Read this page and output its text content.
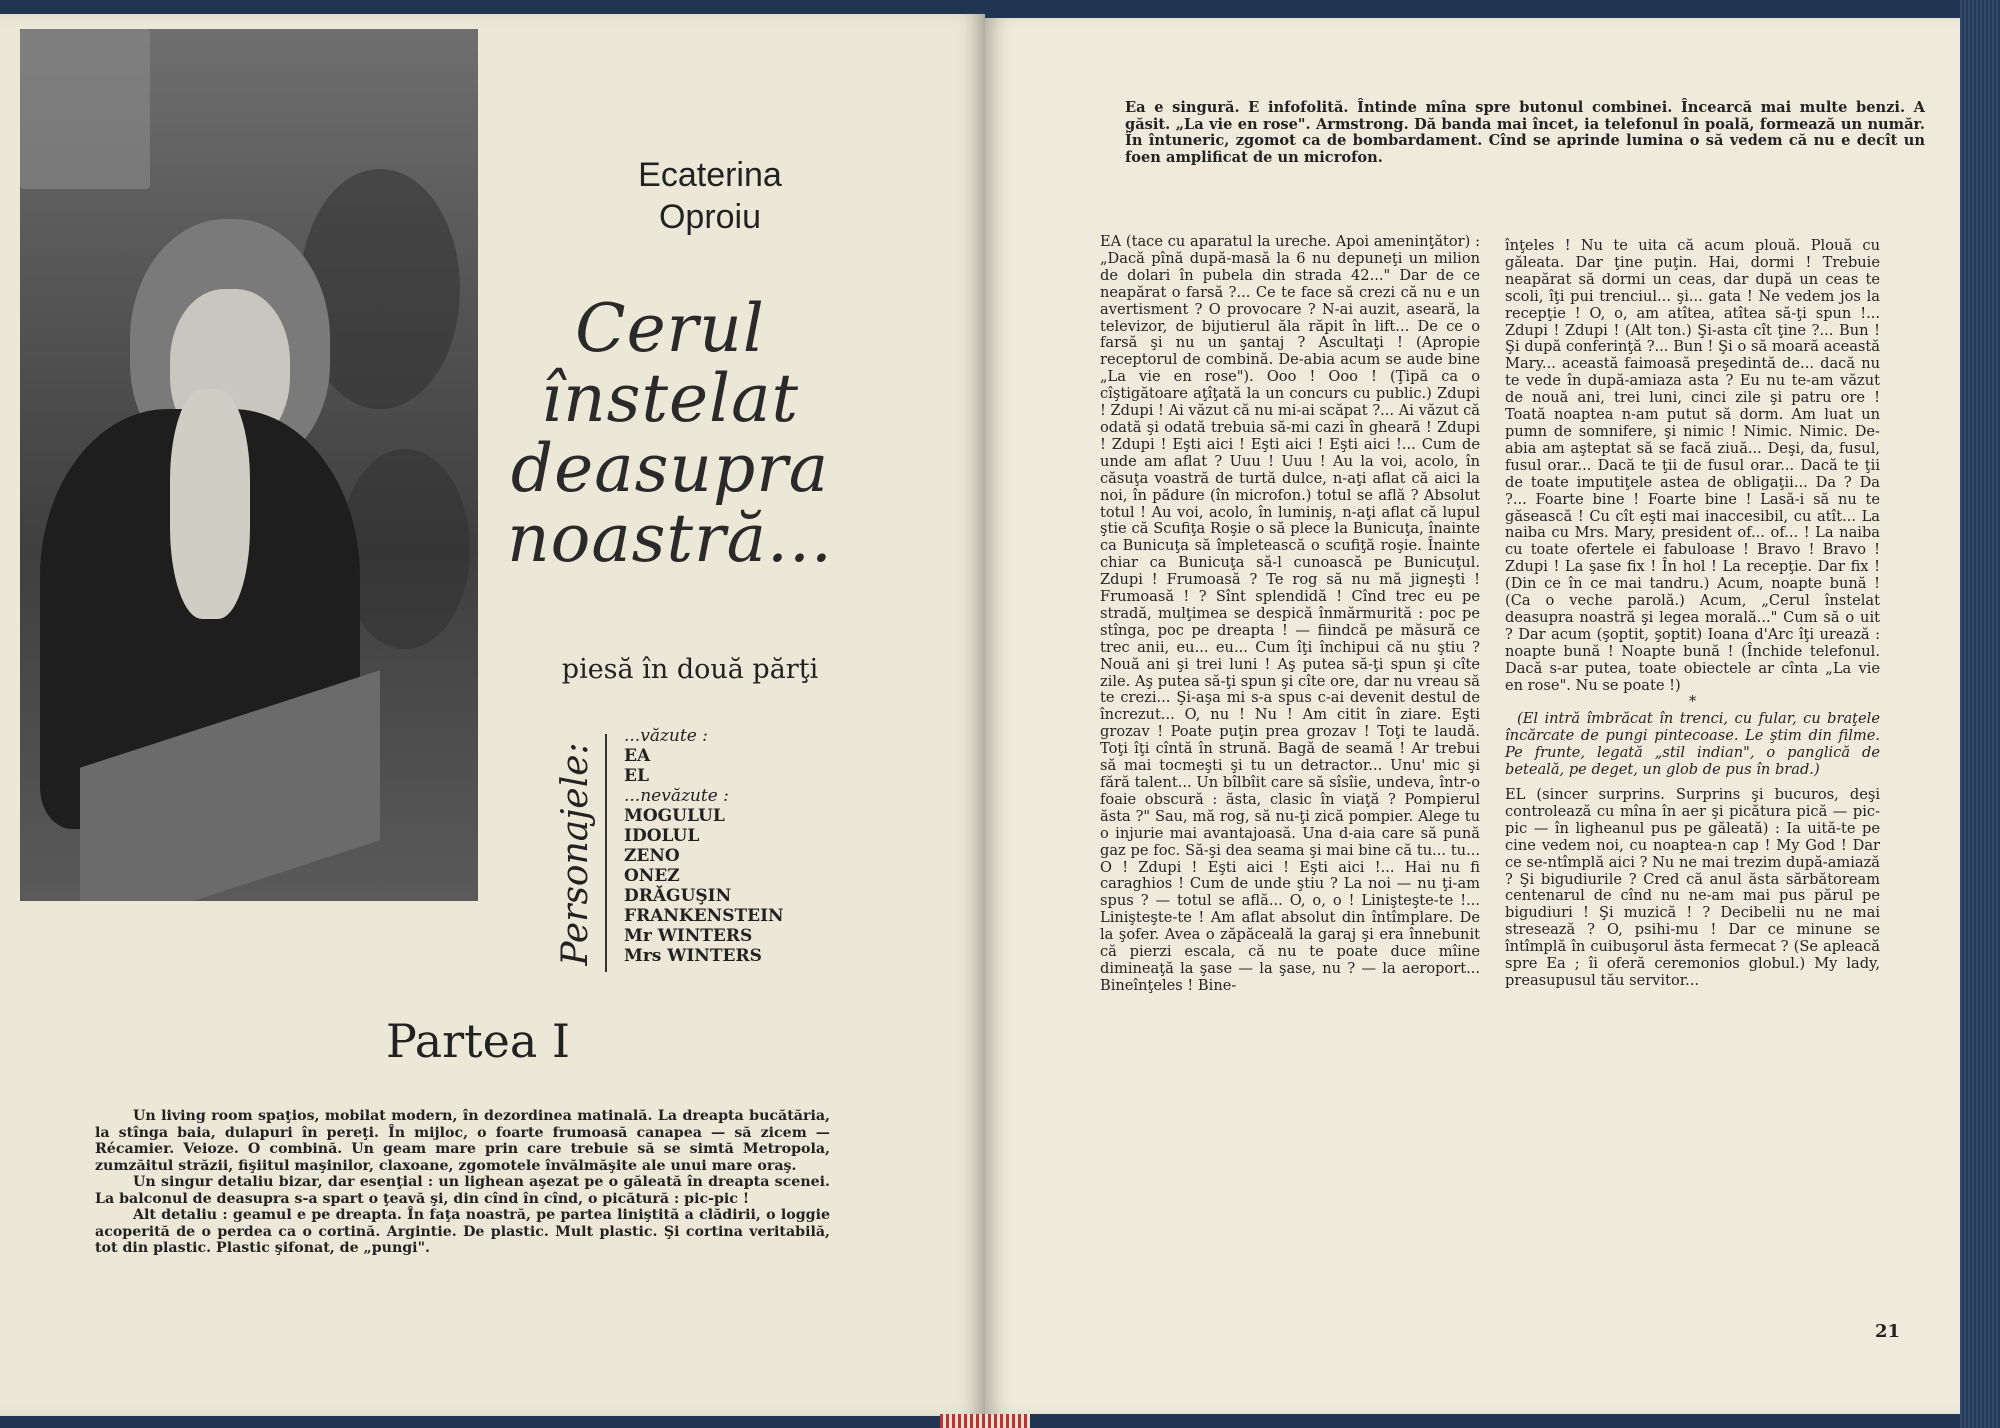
Ecaterina
Oproiu
Cerul
înstelat
deasupra
noastră...
piesă în două părţi
Personajele:
...văzute :
EA
EL
...nevăzute :
MOGULUL
IDOLUL
ZENO
ONEZ
DRĂGUŞIN
FRANKENSTEIN
Mr WINTERS
Mrs WINTERS
Partea I

Un living room spaţios, mobilat modern, în dezordinea matinală. La dreapta bucătăria, la stînga baia, dulapuri în pereţi. În mijloc, o foarte frumoasă canapea — să zicem — Récamier. Veioze. O combină. Un geam mare prin care trebuie să se simtă Metropola, zumzăitul străzii, fişiitul maşinilor, claxoane, zgomotele învălmăşite ale unui mare oraş.

Un singur detaliu bizar, dar esenţial : un lighean aşezat pe o găleată în dreapta scenei. La balconul de deasupra s-a spart o ţeavă şi, din cînd în cînd, o picătură : pic-pic !

Alt detaliu : geamul e pe dreapta. În faţa noastră, pe partea liniştită a clădirii, o loggie acoperită de o perdea ca o cortină. Argintie. De plastic. Mult plastic. Şi cortina veritabilă, tot din plastic. Plastic şifonat, de „pungi".

Ea e singură. E infofolită. Întinde mîna spre butonul combinei. Încearcă mai multe benzi. A găsit. „La vie en rose". Armstrong. Dă banda mai încet, ia telefonul în poală, formează un număr. În întuneric, zgomot ca de bombardament. Cînd se aprinde lumina o să vedem că nu e decît un foen amplificat de un microfon.

EA (tace cu aparatul la ureche. Apoi ameninţător) : „Dacă pînă după-masă la 6 nu depuneţi un milion de dolari în pubela din strada 42..." Dar de ce neapărat o farsă ?... Ce te face să crezi că nu e un avertisment ? O provocare ? N-ai auzit, aseară, la televizor, de bijutierul ăla răpit în lift... De ce o farsă şi nu un şantaj ? Ascultaţi ! (Apropie receptorul de combină. De-abia acum se aude bine „La vie en rose"). Ooo ! Ooo ! (Ţipă ca o cîştigătoare aţîţată la un concurs cu public.) Zdupi ! Zdupi ! Ai văzut că nu mi-ai scăpat ?... Ai văzut că odată şi odată trebuia să-mi cazi în gheară ! Zdupi ! Zdupi ! Eşti aici ! Eşti aici ! Eşti aici !... Cum de unde am aflat ? Uuu ! Uuu ! Au la voi, acolo, în căsuţa voastră de turtă dulce, n-aţi aflat că aici la noi, în pădure (în microfon.) totul se află ? Absolut totul ! Au voi, acolo, în luminiş, n-aţi aflat că lupul ştie că Scufiţa Roşie o să plece la Bunicuţa, înainte ca Bunicuţa să împletească o scufiţă roşie. Înainte chiar ca Bunicuţa să-l cunoască pe Bunicuţul. Zdupi ! Frumoasă ? Te rog să nu mă jigneşti ! Frumoasă ! ? Sînt splendidă ! Cînd trec eu pe stradă, mulţimea se despică înmărmurită : poc pe stînga, poc pe dreapta ! — fiindcă pe măsură ce trec anii, eu... eu... Cum îţi închipui că nu ştiu ? Nouă ani şi trei luni ! Aş putea să-ţi spun şi cîte zile. Aş putea să-ţi spun şi cîte ore, dar nu vreau să te crezi... Şi-aşa mi s-a spus c-ai devenit destul de încrezut... O, nu ! Nu ! Am citit în ziare. Eşti grozav ! Poate puţin prea grozav ! Toţi te laudă. Toţi îţi cîntă în strună. Bagă de seamă ! Ar trebui să mai tocmeşti şi tu un detractor... Unu' mic şi fără talent... Un bîlbîit care să sîsîie, undeva, într-o foaie obscură : ăsta, clasic în viaţă ? Pompierul ăsta ?" Sau, mă rog, să nu-ţi zică pompier. Alege tu o injurie mai avantajoasă. Una d-aia care să pună gaz pe foc. Să-şi dea seama şi mai bine că tu... tu... O ! Zdupi ! Eşti aici ! Eşti aici !... Hai nu fi caraghios ! Cum de unde ştiu ? La noi — nu ţi-am spus ? — totul se află... O, o, o ! Linişteşte-te !... Linişteşte-te ! Am aflat absolut din întîmplare. De la şofer. Avea o zăpăceală la garaj şi era înnebunit că pierzi escala, că nu te poate duce mîine dimineaţă la şase — la şase, nu ? — la aeroport... Bineînţeles ! Bine-

înţeles ! Nu te uita că acum plouă. Plouă cu găleata. Dar ţine puţin. Hai, dormi ! Trebuie neapărat să dormi un ceas, dar după un ceas te scoli, îţi pui trenciul... şi... gata ! Ne vedem jos la recepţie ! O, o, am atîtea, atîtea să-ţi spun !... Zdupi ! Zdupi ! (Alt ton.) Şi-asta cît ţine ?... Bun ! Şi după conferinţă ?... Bun ! Şi o să moară această Mary... această faimoasă preşedintă de... dacă nu te vede în după-amiaza asta ? Eu nu te-am văzut de nouă ani, trei luni, cinci zile şi patru ore ! Toată noaptea n-am putut să dorm. Am luat un pumn de somnifere, şi nimic ! Nimic. Nimic. De-abia am aşteptat să se facă ziuă... Deşi, da, fusul, fusul orar... Dacă te ţii de fusul orar... Dacă te ţii de toate imputiţele astea de obligaţii... Da ? Da ?... Foarte bine ! Foarte bine ! Lasă-i să nu te găsească ! Cu cît eşti mai inaccesibil, cu atît... La naiba cu Mrs. Mary, president of... of... ! La naiba cu toate ofertele ei fabuloase ! Bravo ! Bravo ! Zdupi ! La şase fix ! În hol ! La recepţie. Dar fix ! (Din ce în ce mai tandru.) Acum, noapte bună ! (Ca o veche parolă.) Acum, „Cerul înstelat deasupra noastră şi legea morală..." Cum să o uit ? Dar acum (şoptit, şoptit) Ioana d'Arc îţi urează : noapte bună ! Noapte bună ! (Închide telefonul. Dacă s-ar putea, toate obiectele ar cînta „La vie en rose". Nu se poate !)

*

(El intră îmbrăcat în trenci, cu fular, cu braţele încărcate de pungi pintecoase. Le ştim din filme. Pe frunte, legată „stil indian", o panglică de beteală, pe deget, un glob de pus în brad.)

EL (sincer surprins. Surprins şi bucuros, deşi controlează cu mîna în aer şi picătura pică — pic-pic — în ligheanul pus pe găleată) : Ia uită-te pe cine vedem noi, cu noaptea-n cap ! My God ! Dar ce se-ntîmplă aici ? Nu ne mai trezim după-amiază ? Şi bigudiurile ? Cred că anul ăsta sărbătoream centenarul de cînd nu ne-am mai pus părul pe bigudiuri ! Şi muzică ! ? Decibelii nu ne mai stresează ? O, psihi-mu ! Dar ce minune se întîmplă în cuibuşorul ăsta fermecat ? (Se apleacă spre Ea ; îi oferă ceremonios globul.) My lady, preasupusul tău servitor...

21
